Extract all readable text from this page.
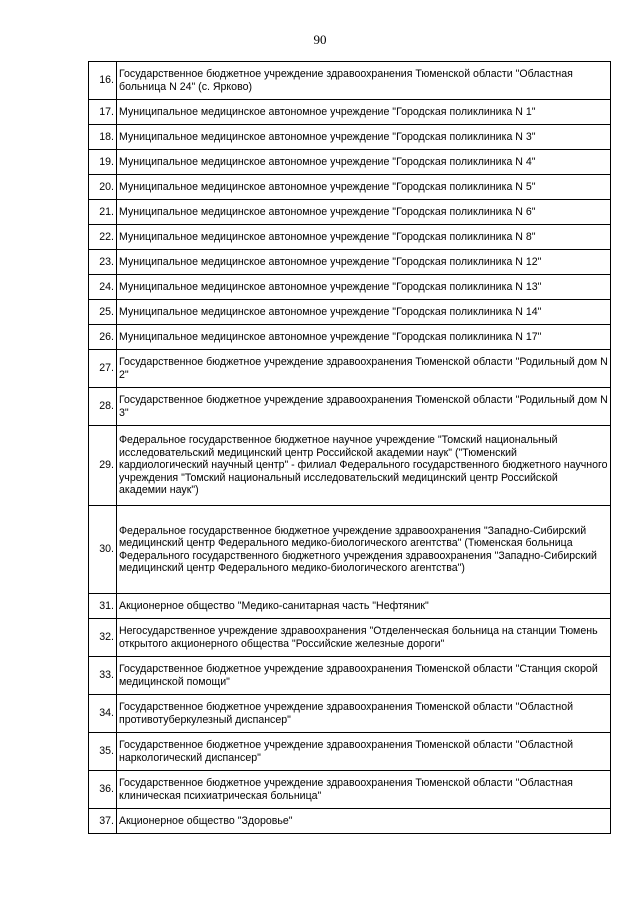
90
16.	Государственное бюджетное учреждение здравоохранения Тюменской области "Областная больница N 24" (с. Ярково)
17.	Муниципальное медицинское автономное учреждение "Городская поликлиника N 1"
18.	Муниципальное медицинское автономное учреждение "Городская поликлиника N 3"
19.	Муниципальное медицинское автономное учреждение "Городская поликлиника N 4"
20.	Муниципальное медицинское автономное учреждение "Городская поликлиника N 5"
21.	Муниципальное медицинское автономное учреждение "Городская поликлиника N 6"
22.	Муниципальное медицинское автономное учреждение "Городская поликлиника N 8"
23.	Муниципальное медицинское автономное учреждение "Городская поликлиника N 12"
24.	Муниципальное медицинское автономное учреждение "Городская поликлиника N 13"
25.	Муниципальное медицинское автономное учреждение "Городская поликлиника N 14"
26.	Муниципальное медицинское автономное учреждение "Городская поликлиника N 17"
27.	Государственное бюджетное учреждение здравоохранения Тюменской области "Родильный дом N 2"
28.	Государственное бюджетное учреждение здравоохранения Тюменской области "Родильный дом N 3"
29.	Федеральное государственное бюджетное научное учреждение "Томский национальный исследовательский медицинский центр Российской академии наук" ("Тюменский кардиологический научный центр" - филиал Федерального государственного бюджетного научного учреждения "Томский национальный исследовательский медицинский центр Российской академии наук")
30.	Федеральное государственное бюджетное учреждение здравоохранения "Западно-Сибирский медицинский центр Федерального медико-биологического агентства" (Тюменская больница Федерального государственного бюджетного учреждения здравоохранения "Западно-Сибирский медицинский центр Федерального медико-биологического агентства")
31.	Акционерное общество "Медико-санитарная часть "Нефтяник"
32.	Негосударственное учреждение здравоохранения "Отделенческая больница на станции Тюмень открытого акционерного общества "Российские железные дороги"
33.	Государственное бюджетное учреждение здравоохранения Тюменской области "Станция скорой медицинской помощи"
34.	Государственное бюджетное учреждение здравоохранения Тюменской области "Областной противотуберкулезный диспансер"
35.	Государственное бюджетное учреждение здравоохранения Тюменской области "Областной наркологический диспансер"
36.	Государственное бюджетное учреждение здравоохранения Тюменской области "Областная клиническая психиатрическая больница"
37.	Акционерное общество "Здоровье"
